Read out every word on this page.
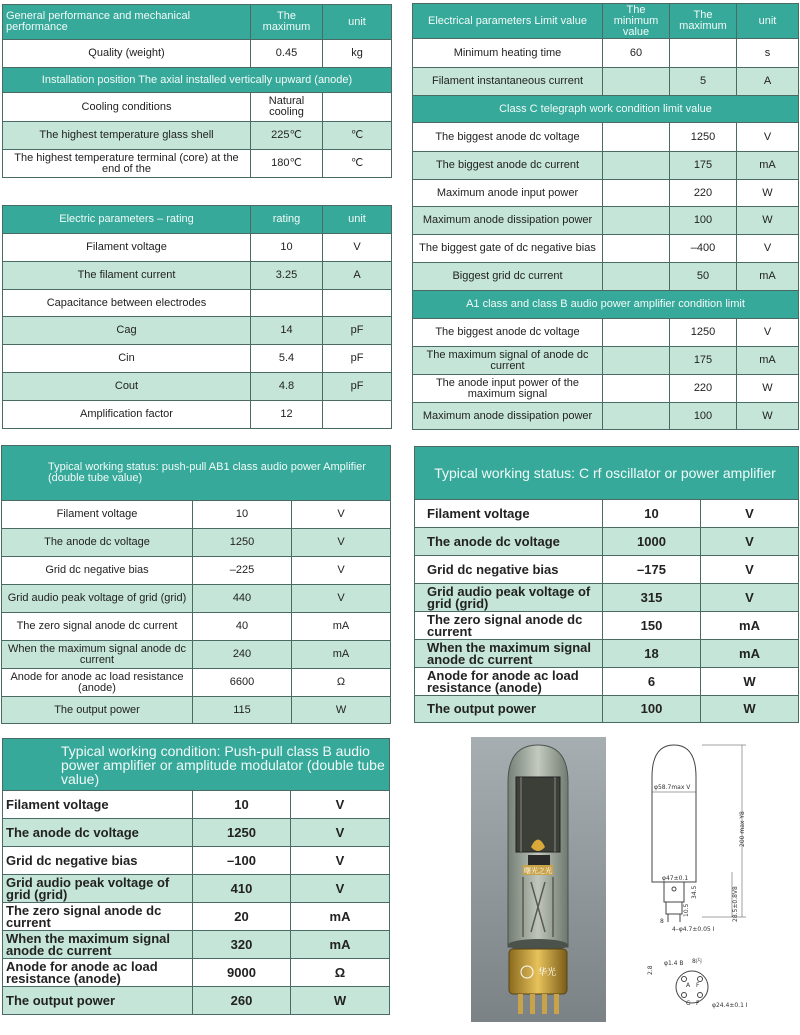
General performance and mechanical performance	The maximum	unit
Quality (weight)	0.45	kg
Installation position The axial installed vertically upward (anode)		
Cooling conditions	Natural cooling	
The highest temperature glass shell	225℃	℃
The highest temperature terminal (core) at the end of the	180℃	℃
Electric parameters – rating	rating	unit
Filament voltage	10	V
The filament current	3.25	A
Capacitance between electrodes		
Cag	14	pF
Cin	5.4	pF
Cout	4.8	pF
Amplification factor	12	
Electrical parameters Limit value	The minimum value	The maximum	unit
Minimum heating time	60		s
Filament instantaneous current		5	A
Class C telegraph work condition limit value			
The biggest anode dc voltage		1250	V
The biggest anode dc current		175	mA
Maximum anode input power		220	W
Maximum anode dissipation power		100	W
The biggest gate of dc negative bias		–400	V
Biggest grid dc current		50	mA
A1 class and class B audio power amplifier condition limit			
The biggest anode dc voltage		1250	V
The maximum signal of anode dc current		175	mA
The anode input power of the maximum signal		220	W
Maximum anode dissipation power		100	W
Typical working status: push-pull AB1 class audio power Amplifier (double tube value)		
Filament voltage	10	V
The anode dc voltage	1250	V
Grid dc negative bias	–225	V
Grid audio peak voltage of grid (grid)	440	V
The zero signal anode dc current	40	mA
When the maximum signal anode dc current	240	mA
Anode for anode ac load resistance (anode)	6600	Ω
The output power	115	W
Typical working status: C rf oscillator or power amplifier		
Filament voltage	10	V
The anode dc voltage	1000	V
Grid dc negative bias	–175	V
Grid audio peak voltage of grid (grid)	315	V
The zero signal anode dc current	150	mA
When the maximum signal anode dc current	18	mA
Anode for anode ac load resistance (anode)	6	W
The output power	100	W
Typical working condition: Push-pull class B audio power amplifier or amplitude modulator (double tube value)		
Filament voltage	10	V
The anode dc voltage	1250	V
Grid dc negative bias	–100	V
Grid audio peak voltage of grid (grid)	410	V
The zero signal anode dc current	20	mA
When the maximum signal anode dc current	320	mA
Anode for anode ac load resistance (anode)	9000	Ω
The output power	260	W
曙光之光
华光
φ58.7max V
200 max Y8
φ47±0.1
34.5	28.5±0.8V8
10.5
8
4–φ4.7±0.05 I
A F
G F
φ1.4 B 8内
2.8
φ24.4±0.1 I
